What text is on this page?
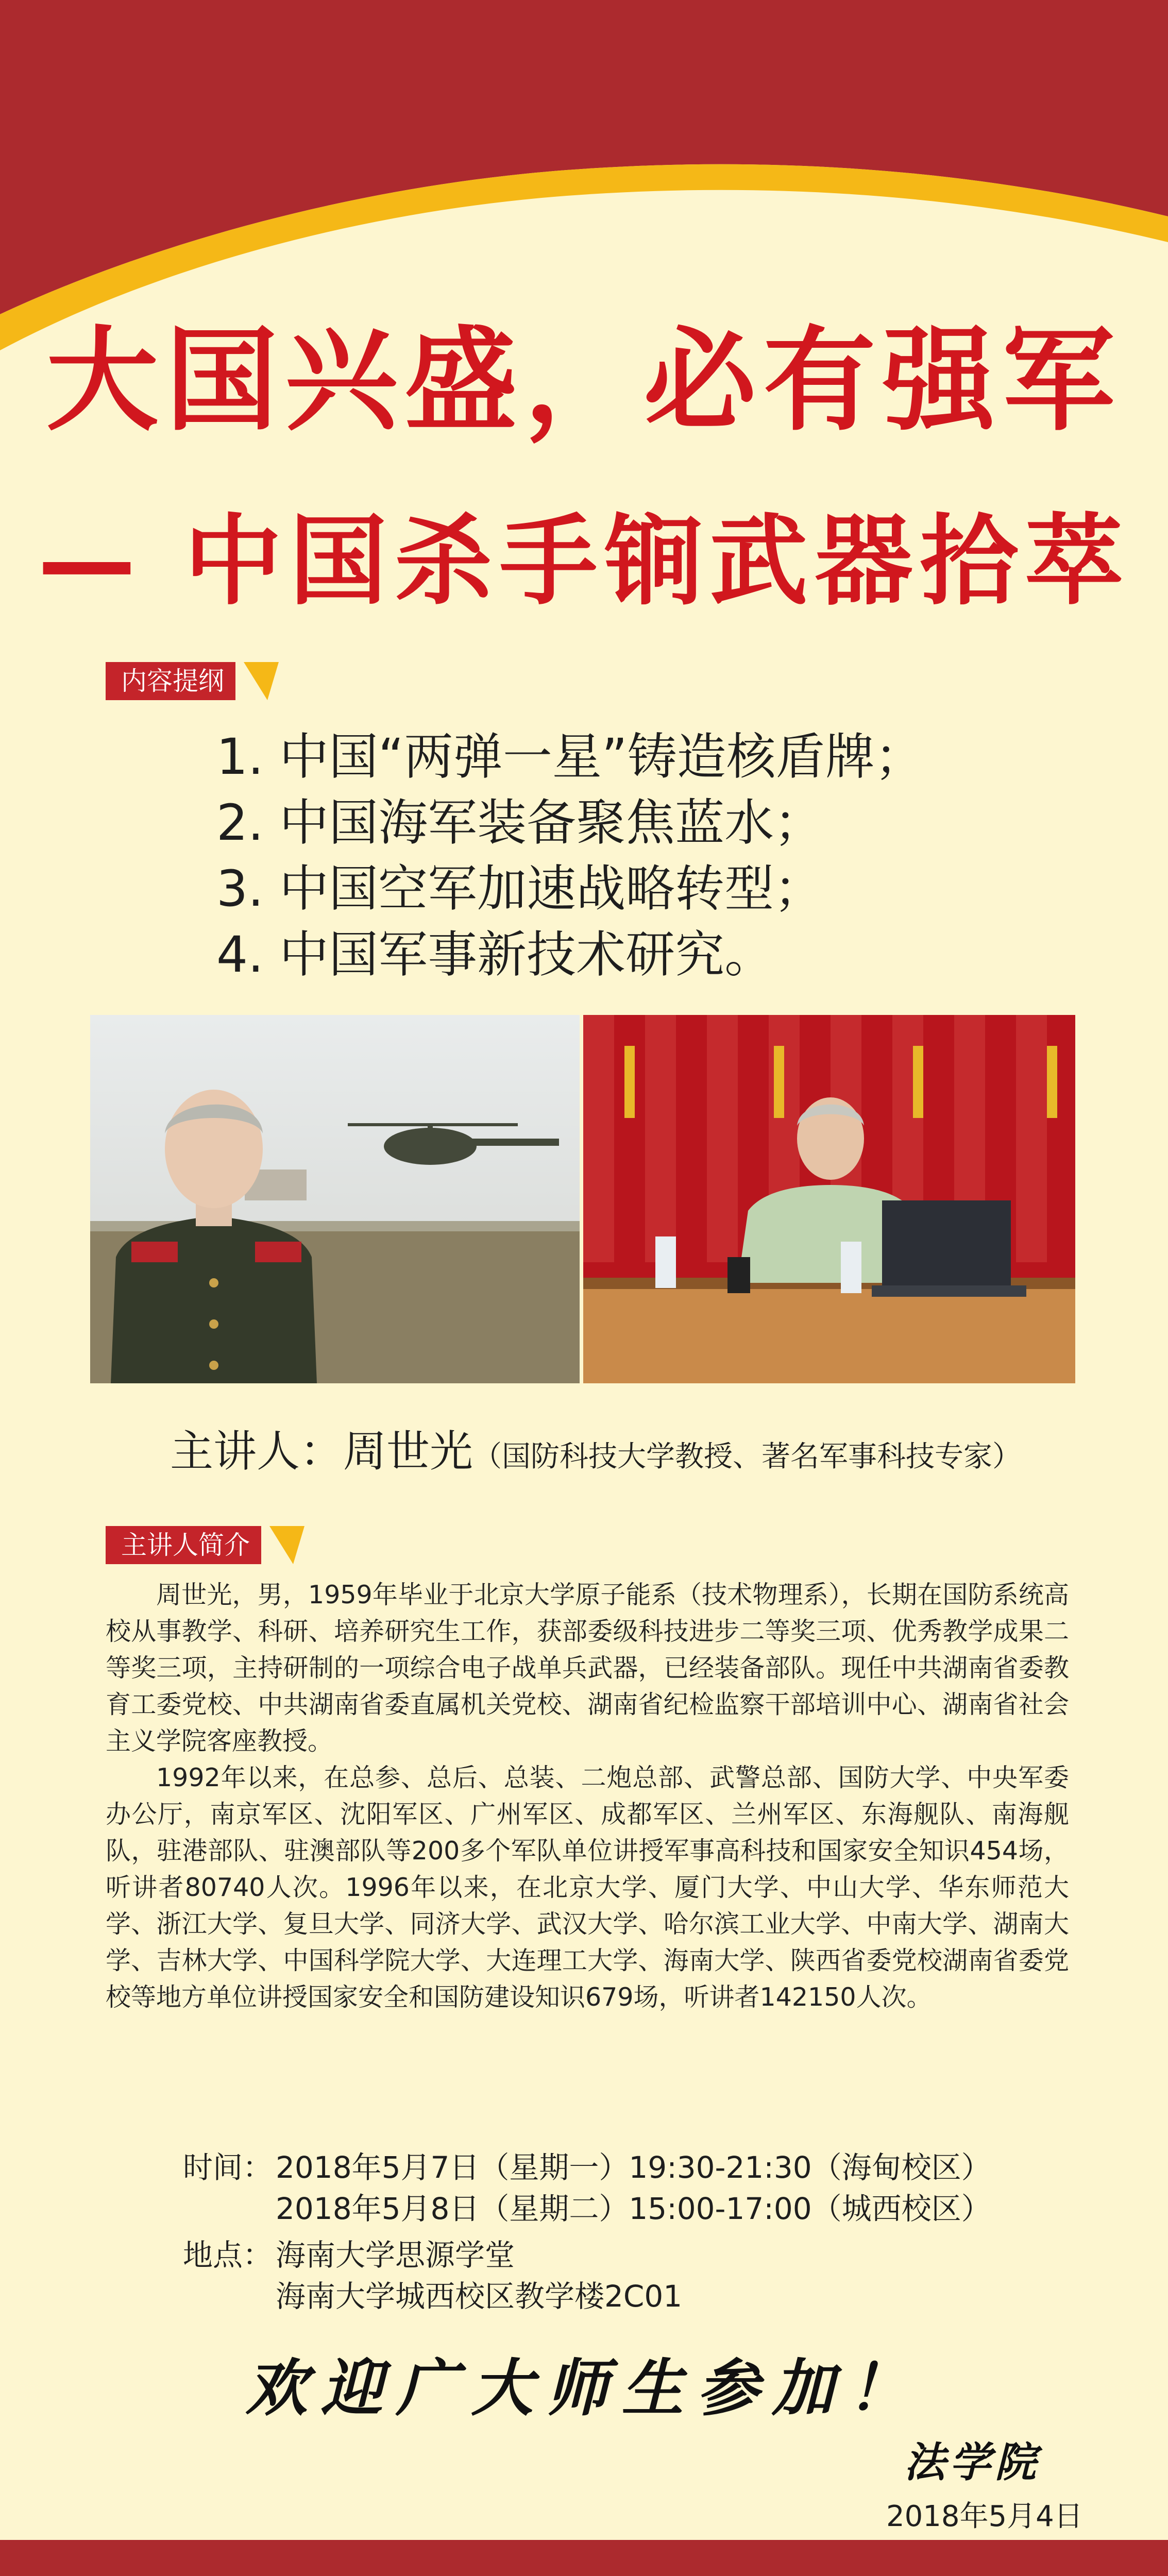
大国兴盛，必有强军
— 中国杀手锏武器拾萃
内容提纲
1. 中国“两弹一星”铸造核盾牌；
2. 中国海军装备聚焦蓝水；
3. 中国空军加速战略转型；
4. 中国军事新技术研究。
主讲人：周世光（国防科技大学教授、著名军事科技专家）
主讲人简介

周世光，男，1959年毕业于北京大学原子能系（技术物理系），长期在国防系统高校从事教学、科研、培养研究生工作，获部委级科技进步二等奖三项、优秀教学成果二等奖三项，主持研制的一项综合电子战单兵武器，已经装备部队。现任中共湖南省委教育工委党校、中共湖南省委直属机关党校、湖南省纪检监察干部培训中心、湖南省社会主义学院客座教授。

1992年以来，在总参、总后、总装、二炮总部、武警总部、国防大学、中央军委办公厅，南京军区、沈阳军区、广州军区、成都军区、兰州军区、东海舰队、南海舰队，驻港部队、驻澳部队等200多个军队单位讲授军事高科技和国家安全知识454场，听讲者80740人次。1996年以来，在北京大学、厦门大学、中山大学、华东师范大学、浙江大学、复旦大学、同济大学、武汉大学、哈尔滨工业大学、中南大学、湖南大学、吉林大学、中国科学院大学、大连理工大学、海南大学、陕西省委党校湖南省委党校等地方单位讲授国家安全和国防建设知识679场，听讲者142150人次。

时间： 2018年5月7日（星期一）19:30-21:30（海甸校区）
2018年5月8日（星期二）15:00-17:00（城西校区）
地点： 海南大学思源学堂
海南大学城西校区教学楼2C01
欢迎广大师生参加！
法学院
2018年5月4日
